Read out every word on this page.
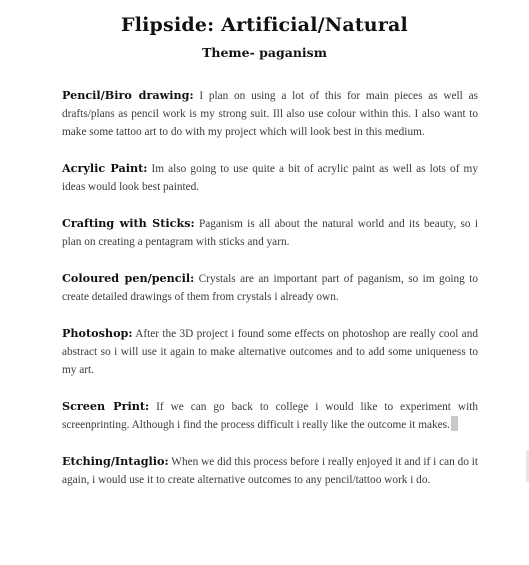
Flipside: Artificial/Natural
Theme- paganism

Pencil/Biro drawing: I plan on using a lot of this for main pieces as well as drafts/plans as pencil work is my strong suit. Ill also use colour within this. I also want to make some tattoo art to do with my project which will look best in this medium.

Acrylic Paint: Im also going to use quite a bit of acrylic paint as well as lots of my ideas would look best painted.

Crafting with Sticks: Paganism is all about the natural world and its beauty, so i plan on creating a pentagram with sticks and yarn.

Coloured pen/pencil: Crystals are an important part of paganism, so im going to create detailed drawings of them from crystals i already own.

Photoshop: After the 3D project i found some effects on photoshop are really cool and abstract so i will use it again to make alternative outcomes and to add some uniqueness to my art.

Screen Print: If we can go back to college i would like to experiment with screenprinting. Although i find the process difficult i really like the outcome it makes.

Etching/Intaglio: When we did this process before i really enjoyed it and if i can do it again, i would use it to create alternative outcomes to any pencil/tattoo work i do.
